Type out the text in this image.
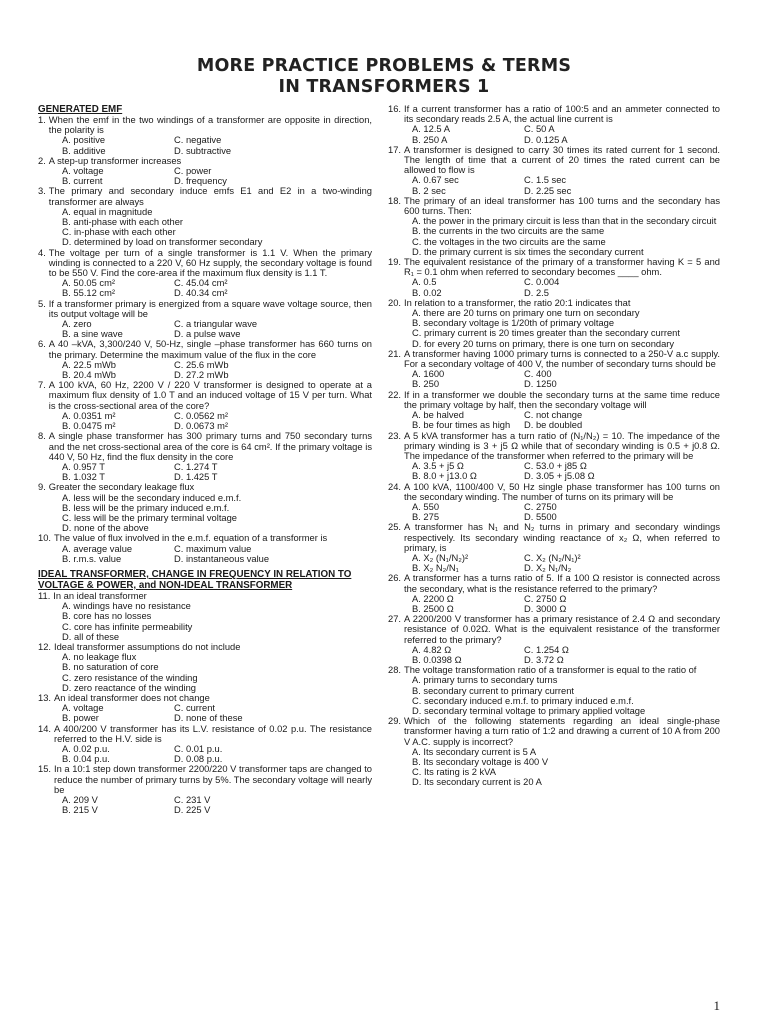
MORE PRACTICE PROBLEMS & TERMS
IN TRANSFORMERS 1
GENERATED EMF
1. When the emf in the two windings of a transformer are opposite in direction, the polarity is
A. positive	C. negative
B. additive	D. subtractive
2. A step-up transformer increases
A. voltage	C. power
B. current	D. frequency
3. The primary and secondary induce emfs E1 and E2 in a two-winding transformer are always
A. equal in magnitude
B. anti-phase with each other
C. in-phase with each other
D. determined by load on transformer secondary
4. The voltage per turn of a single transformer is 1.1 V. When the primary winding is connected to a 220 V, 60 Hz supply, the secondary voltage is found to be 550 V. Find the core-area if the maximum flux density is 1.1 T.
A. 50.05 cm²	C. 45.04 cm²
B. 55.12 cm²	D. 40.34 cm²
5. If a transformer primary is energized from a square wave voltage source, then its output voltage will be
A. zero	C. a triangular wave
B. a sine wave	D. a pulse wave
6. A 40 –kVA, 3,300/240 V, 50-Hz, single –phase transformer has 660 turns on the primary. Determine the maximum value of the flux in the core
A. 22.5 mWb	C. 25.6 mWb
B. 20.4 mWb	D. 27.2 mWb
7. A 100 kVA, 60 Hz, 2200 V / 220 V transformer is designed to operate at a maximum flux density of 1.0 T and an induced voltage of 15 V per turn. What is the cross-sectional area of the core?
A. 0.0351 m²	C. 0.0562 m²
B. 0.0475 m²	D. 0.0673 m²
8. A single phase transformer has 300 primary turns and 750 secondary turns and the net cross-sectional area of the core is 64 cm². If the primary voltage is 440 V, 50 Hz, find the flux density in the core
A. 0.957 T	C. 1.274 T
B. 1.032 T	D. 1.425 T
9. Greater the secondary leakage flux
A. less will be the secondary induced e.m.f.
B. less will be the primary induced e.m.f.
C. less will be the primary terminal voltage
D. none of the above
10. The value of flux involved in the e.m.f. equation of a transformer is
A. average value	C. maximum value
B. r.m.s. value	D. instantaneous value
IDEAL TRANSFORMER, CHANGE IN FREQUENCY IN RELATION TO VOLTAGE & POWER, and NON-IDEAL TRANSFORMER
11. In an ideal transformer
A. windings have no resistance
B. core has no losses
C. core has infinite permeability
D. all of these
12. Ideal transformer assumptions do not include
A. no leakage flux
B. no saturation of core
C. zero resistance of the winding
D. zero reactance of the winding
13. An ideal transformer does not change
A. voltage	C. current
B. power	D. none of these
14. A 400/200 V transformer has its L.V. resistance of 0.02 p.u. The resistance referred to the H.V. side is
A. 0.02 p.u.	C. 0.01 p.u.
B. 0.04 p.u.	D. 0.08 p.u.
15. In a 10:1 step down transformer 2200/220 V transformer taps are changed to reduce the number of primary turns by 5%. The secondary voltage will nearly be
A. 209 V	C. 231 V
B. 215 V	D. 225 V
16. If a current transformer has a ratio of 100:5 and an ammeter connected to its secondary reads 2.5 A, the actual line current is
A. 12.5 A	C. 50 A
B. 250 A	D. 0.125 A
17. A transformer is designed to carry 30 times its rated current for 1 second. The length of time that a current of 20 times the rated current can be allowed to flow is
A. 0.67 sec	C. 1.5 sec
B. 2 sec	D. 2.25 sec
18. The primary of an ideal transformer has 100 turns and the secondary has 600 turns. Then:
A. the power in the primary circuit is less than that in the secondary circuit
B. the currents in the two circuits are the same
C. the voltages in the two circuits are the same
D. the primary current is six times the secondary current
19. The equivalent resistance of the primary of a transformer having K = 5 and R₁ = 0.1 ohm when referred to secondary becomes ____ ohm.
A. 0.5	C. 0.004
B. 0.02	D. 2.5
20. In relation to a transformer, the ratio 20:1 indicates that
A. there are 20 turns on primary one turn on secondary
B. secondary voltage is 1/20th of primary voltage
C. primary current is 20 times greater than the secondary current
D. for every 20 turns on primary, there is one turn on secondary
21. A transformer having 1000 primary turns is connected to a 250-V a.c supply. For a secondary voltage of 400 V, the number of secondary turns should be
A. 1600	C. 400
B. 250	D. 1250
22. If in a transformer we double the secondary turns at the same time reduce the primary voltage by half, then the secondary voltage will
A. be halved	C. not change
B. be four times as high	D. be doubled
23. A 5 kVA transformer has a turn ratio of (N₁/N₂) = 10. The impedance of the primary winding is 3 + j5 Ω while that of secondary winding is 0.5 + j0.8 Ω. The impedance of the transformer when referred to the primary will be
A. 3.5 + j5 Ω	C. 53.0 + j85 Ω
B. 8.0 + j13.0 Ω	D. 3.05 + j5.08 Ω
24. A 100 kVA, 1100/400 V, 50 Hz single phase transformer has 100 turns on the secondary winding. The number of turns on its primary will be
A. 550	C. 2750
B. 275	D. 5500
25. A transformer has N₁ and N₂ turns in primary and secondary windings respectively. Its secondary winding reactance of x₂ Ω, when referred to primary, is
A. X₂ (N₁/N₂)²	C. X₂ (N₂/N₁)²
B. X₂ N₂/N₁	D. X₂ N₁/N₂
26. A transformer has a turns ratio of 5. If a 100 Ω resistor is connected across the secondary, what is the resistance referred to the primary?
A. 2200 Ω	C. 2750 Ω
B. 2500 Ω	D. 3000 Ω
27. A 2200/200 V transformer has a primary resistance of 2.4 Ω and secondary resistance of 0.02Ω. What is the equivalent resistance of the transformer referred to the primary?
A. 4.82 Ω	C. 1.254 Ω
B. 0.0398 Ω	D. 3.72 Ω
28. The voltage transformation ratio of a transformer is equal to the ratio of
A. primary turns to secondary turns
B. secondary current to primary current
C. secondary induced e.m.f. to primary induced e.m.f.
D. secondary terminal voltage to primary applied voltage
29. Which of the following statements regarding an ideal single-phase transformer having a turn ratio of 1:2 and drawing a current of 10 A from 200 V A.C. supply is incorrect?
A. Its secondary current is 5 A
B. Its secondary voltage is 400 V
C. Its rating is 2 kVA
D. Its secondary current is 20 A
1
